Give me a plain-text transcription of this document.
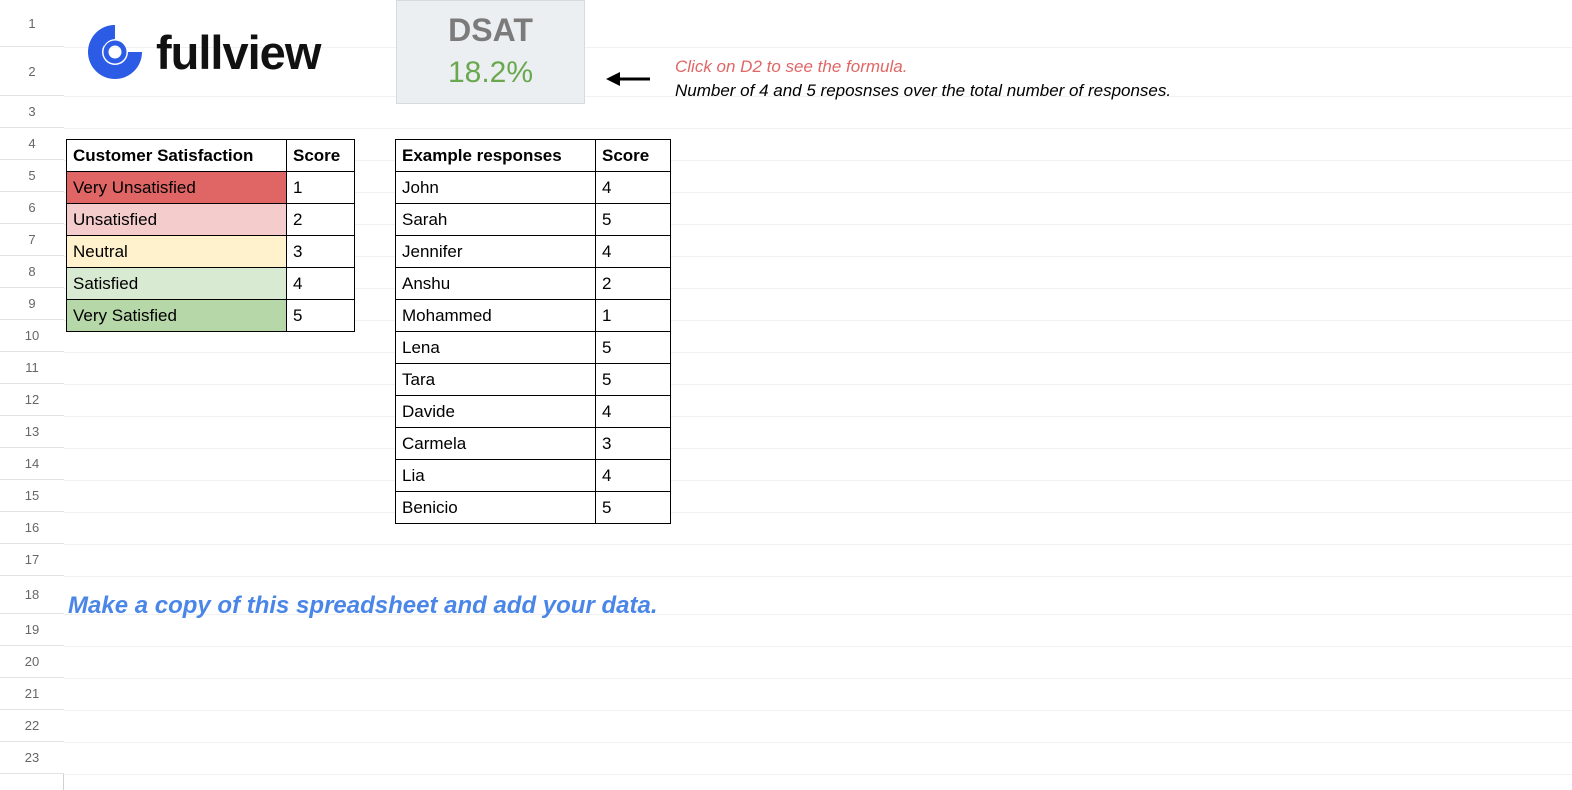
1
2
3
4
5
6
7
8
9
10
11
12
13
14
15
16
17
18
19
20
21
22
23
fullview	DSAT
18.2%	Click on D2 to see the formula.
Number of 4 and 5 reposnses over the total number of responses.
Make a copy of this spreadsheet and add your data.
Customer Satisfaction	Score
Very Unsatisfied	1
Unsatisfied	2
Neutral	3
Satisfied	4
Very Satisfied	5
Example responses	Score
John	4
Sarah	5
Jennifer	4
Anshu	2
Mohammed	1
Lena	5
Tara	5
Davide	4
Carmela	3
Lia	4
Benicio	5
